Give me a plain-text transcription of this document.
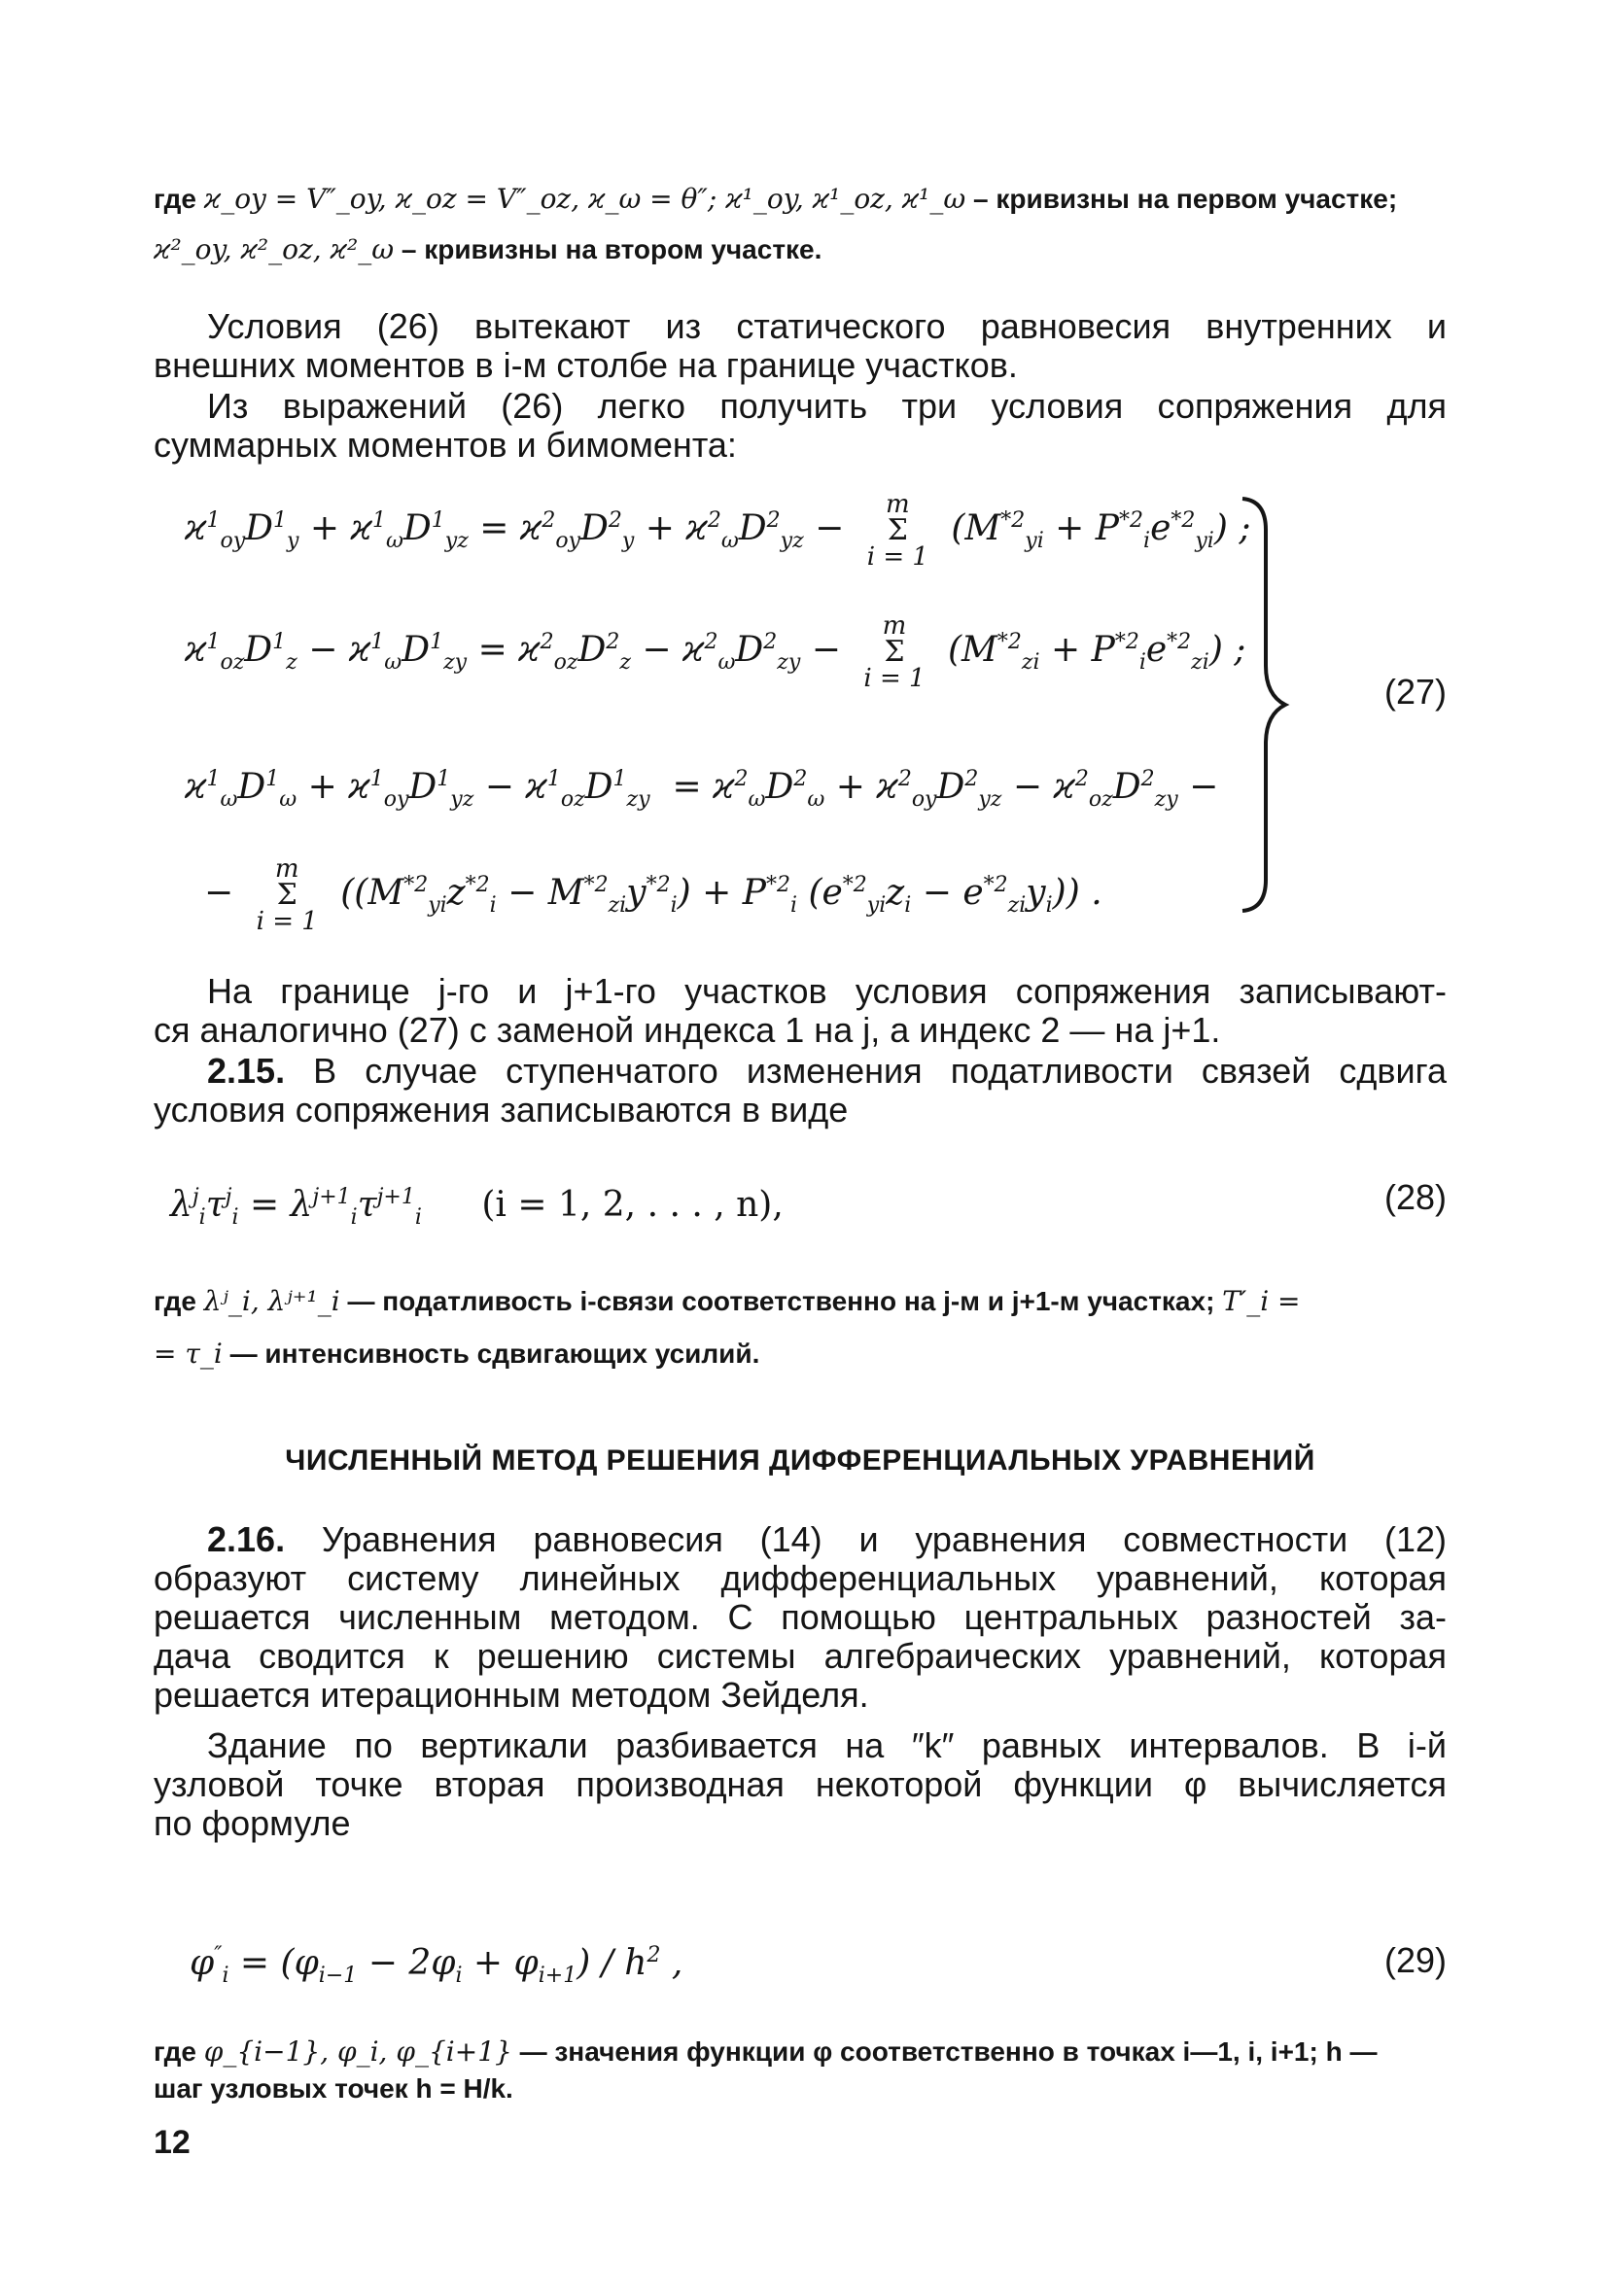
где ϰ_oy = V″_oy, ϰ_oz = V″_oz, ϰ_ω = θ″; ϰ¹_oy, ϰ¹_oz, ϰ¹_ω – кривизны на первом участке;
ϰ²_oy, ϰ²_oz, ϰ²_ω – кривизны на втором участке.
Условия (26) вытекают из статического равновесия внутренних и
внешних моментов в i-м столбе на границе участков.
Из выражений (26) легко получить три условия сопряжения для
суммарных моментов и бимомента:
$ϰ^1_{oy}D^1_y + ϰ^1_\omega D^1_{yz} = ϰ^2_{oy}D^2_y + ϰ^2_\omega D^2_{yz}$ −
m
Σ
i = 1
$(M^{*2}_{yi} + P^{*2}_ie^{*2}_{yi})$ ;
$ϰ^1_{oz}D^1_z - ϰ^1_\omega D^1_{zy} = ϰ^2_{oz}D^2_z - ϰ^2_\omega D^2_{zy}$ −
m
Σ
i = 1
$(M^{*2}_{zi} + P^{*2}_ie^{*2}_{zi})$ ;
$ϰ^1_\omega D^1_\omega + ϰ^1_{oy}D^1_{yz} - ϰ^1_{oz}D^1_{zy} = ϰ^2_\omega D^2_\omega + ϰ^2_{oy}D^2_{yz} - ϰ^2_{oz}D^2_{zy}$ −
−
m
Σ
i = 1
($(M^{*2}_{yi}z^{*2}_i - M^{*2}_{zi}y^{*2}_i) + P^{*2}_i$ $(e^{*2}_{yi}z_i - e^{*2}_{zi}y_i)$) .
(27)
На границе j-го и j+1-го участков условия сопряжения записывают-
ся аналогично (27) с заменой индекса 1 на j, а индекс 2 — на j+1.
2.15. В случае ступенчатого изменения податливости связей сдвига
условия сопряжения записываются в виде
$\lambda^j_i\tau^j_i = \lambda^{j+1}_i\tau^{j+1}_i$ (i = 1, 2, . . . , n),	(28)
где λʲ_i, λʲ⁺¹_i — податливость i-связи соответственно на j-м и j+1-м участках; T′_i =
= τ_i — интенсивность сдвигающих усилий.
ЧИСЛЕННЫЙ МЕТОД РЕШЕНИЯ ДИФФЕРЕНЦИАЛЬНЫХ УРАВНЕНИЙ
2.16. Уравнения равновесия (14) и уравнения совместности (12)
образуют систему линейных дифференциальных уравнений, которая
решается численным методом. С помощью центральных разностей за-
дача сводится к решению системы алгебраических уравнений, которая
решается итерационным методом Зейделя.
Здание по вертикали разбивается на ″k″ равных интервалов. В i-й
узловой точке вторая производная некоторой функции φ вычисляется
по формуле
$\varphi''_i = (\varphi_{i-1} - 2\varphi_i + \varphi_{i+1}) / h^2$ ,	(29)
где φ_{i−1}, φ_i, φ_{i+1} — значения функции φ соответственно в точках i—1, i, i+1; h —
шаг узловых точек h = H/k.
12
